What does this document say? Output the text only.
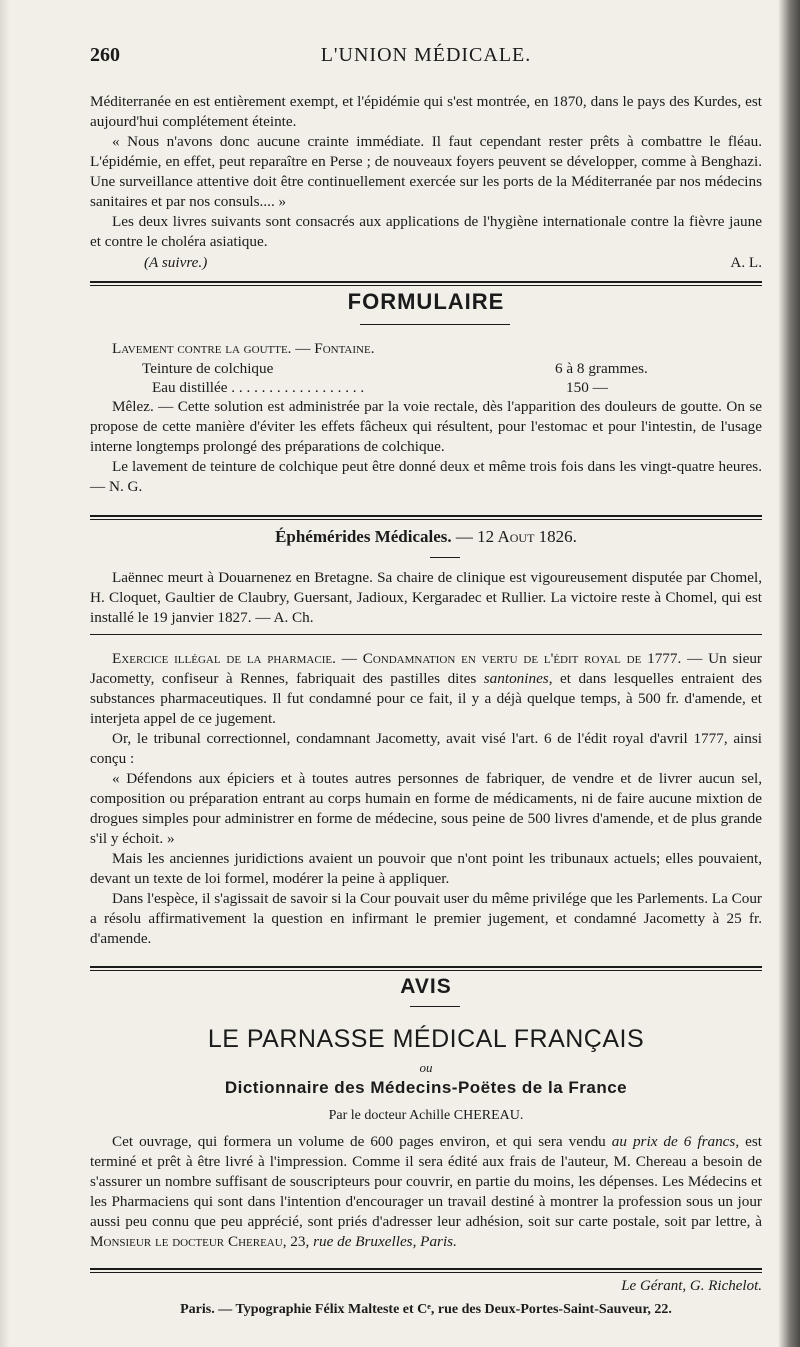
260	L'UNION MÉDICALE.

Méditerranée en est entièrement exempt, et l'épidémie qui s'est montrée, en 1870, dans le pays des Kurdes, est aujourd'hui complétement éteinte.

« Nous n'avons donc aucune crainte immédiate. Il faut cependant rester prêts à combattre le fléau. L'épidémie, en effet, peut reparaître en Perse ; de nouveaux foyers peuvent se développer, comme à Benghazi. Une surveillance attentive doit être continuellement exercée sur les ports de la Méditerranée par nos médecins sanitaires et par nos consuls.... »

Les deux livres suivants sont consacrés aux applications de l'hygiène internationale contre la fièvre jaune et contre le choléra asiatique.

(A suivre.)	A. L.
FORMULAIRE

Lavement contre la goutte. — Fontaine.

Teinture de colchique	6 à 8 grammes.
Eau distillée . . . . . . . . . . . . . . . . . .	150 —

Mêlez. — Cette solution est administrée par la voie rectale, dès l'apparition des douleurs de goutte. On se propose de cette manière d'éviter les effets fâcheux qui résultent, pour l'estomac et pour l'intestin, de l'usage interne longtemps prolongé des préparations de colchique.

Le lavement de teinture de colchique peut être donné deux et même trois fois dans les vingt-quatre heures. — N. G.

Éphémérides Médicales. — 12 Aout 1826.

Laënnec meurt à Douarnenez en Bretagne. Sa chaire de clinique est vigoureusement disputée par Chomel, H. Cloquet, Gaultier de Claubry, Guersant, Jadioux, Kergaradec et Rullier. La victoire reste à Chomel, qui est installé le 19 janvier 1827. — A. Ch.

Exercice illégal de la pharmacie. — Condamnation en vertu de l'édit royal de 1777. — Un sieur Jacometty, confiseur à Rennes, fabriquait des pastilles dites santonines, et dans lesquelles entraient des substances pharmaceutiques. Il fut condamné pour ce fait, il y a déjà quelque temps, à 500 fr. d'amende, et interjeta appel de ce jugement.

Or, le tribunal correctionnel, condamnant Jacometty, avait visé l'art. 6 de l'édit royal d'avril 1777, ainsi conçu :

« Défendons aux épiciers et à toutes autres personnes de fabriquer, de vendre et de livrer aucun sel, composition ou préparation entrant au corps humain en forme de médicaments, ni de faire aucune mixtion de drogues simples pour administrer en forme de médecine, sous peine de 500 livres d'amende, et de plus grande s'il y échoit. »

Mais les anciennes juridictions avaient un pouvoir que n'ont point les tribunaux actuels; elles pouvaient, devant un texte de loi formel, modérer la peine à appliquer.

Dans l'espèce, il s'agissait de savoir si la Cour pouvait user du même privilége que les Parlements. La Cour a résolu affirmativement la question en infirmant le premier jugement, et condamné Jacometty à 25 fr. d'amende.

AVIS
LE PARNASSE MÉDICAL FRANÇAIS
ou
Dictionnaire des Médecins-Poëtes de la France
Par le docteur Achille CHEREAU.

Cet ouvrage, qui formera un volume de 600 pages environ, et qui sera vendu au prix de 6 francs, est terminé et prêt à être livré à l'impression. Comme il sera édité aux frais de l'auteur, M. Chereau a besoin de s'assurer un nombre suffisant de souscripteurs pour couvrir, en partie du moins, les dépenses. Les Médecins et les Pharmaciens qui sont dans l'intention d'encourager un travail destiné à montrer la profession sous un jour aussi peu connu que peu apprécié, sont priés d'adresser leur adhésion, soit sur carte postale, soit par lettre, à Monsieur le docteur Chereau, 23, rue de Bruxelles, Paris.

Le Gérant, G. Richelot.
Paris. — Typographie Félix Malteste et Cᵉ, rue des Deux-Portes-Saint-Sauveur, 22.
